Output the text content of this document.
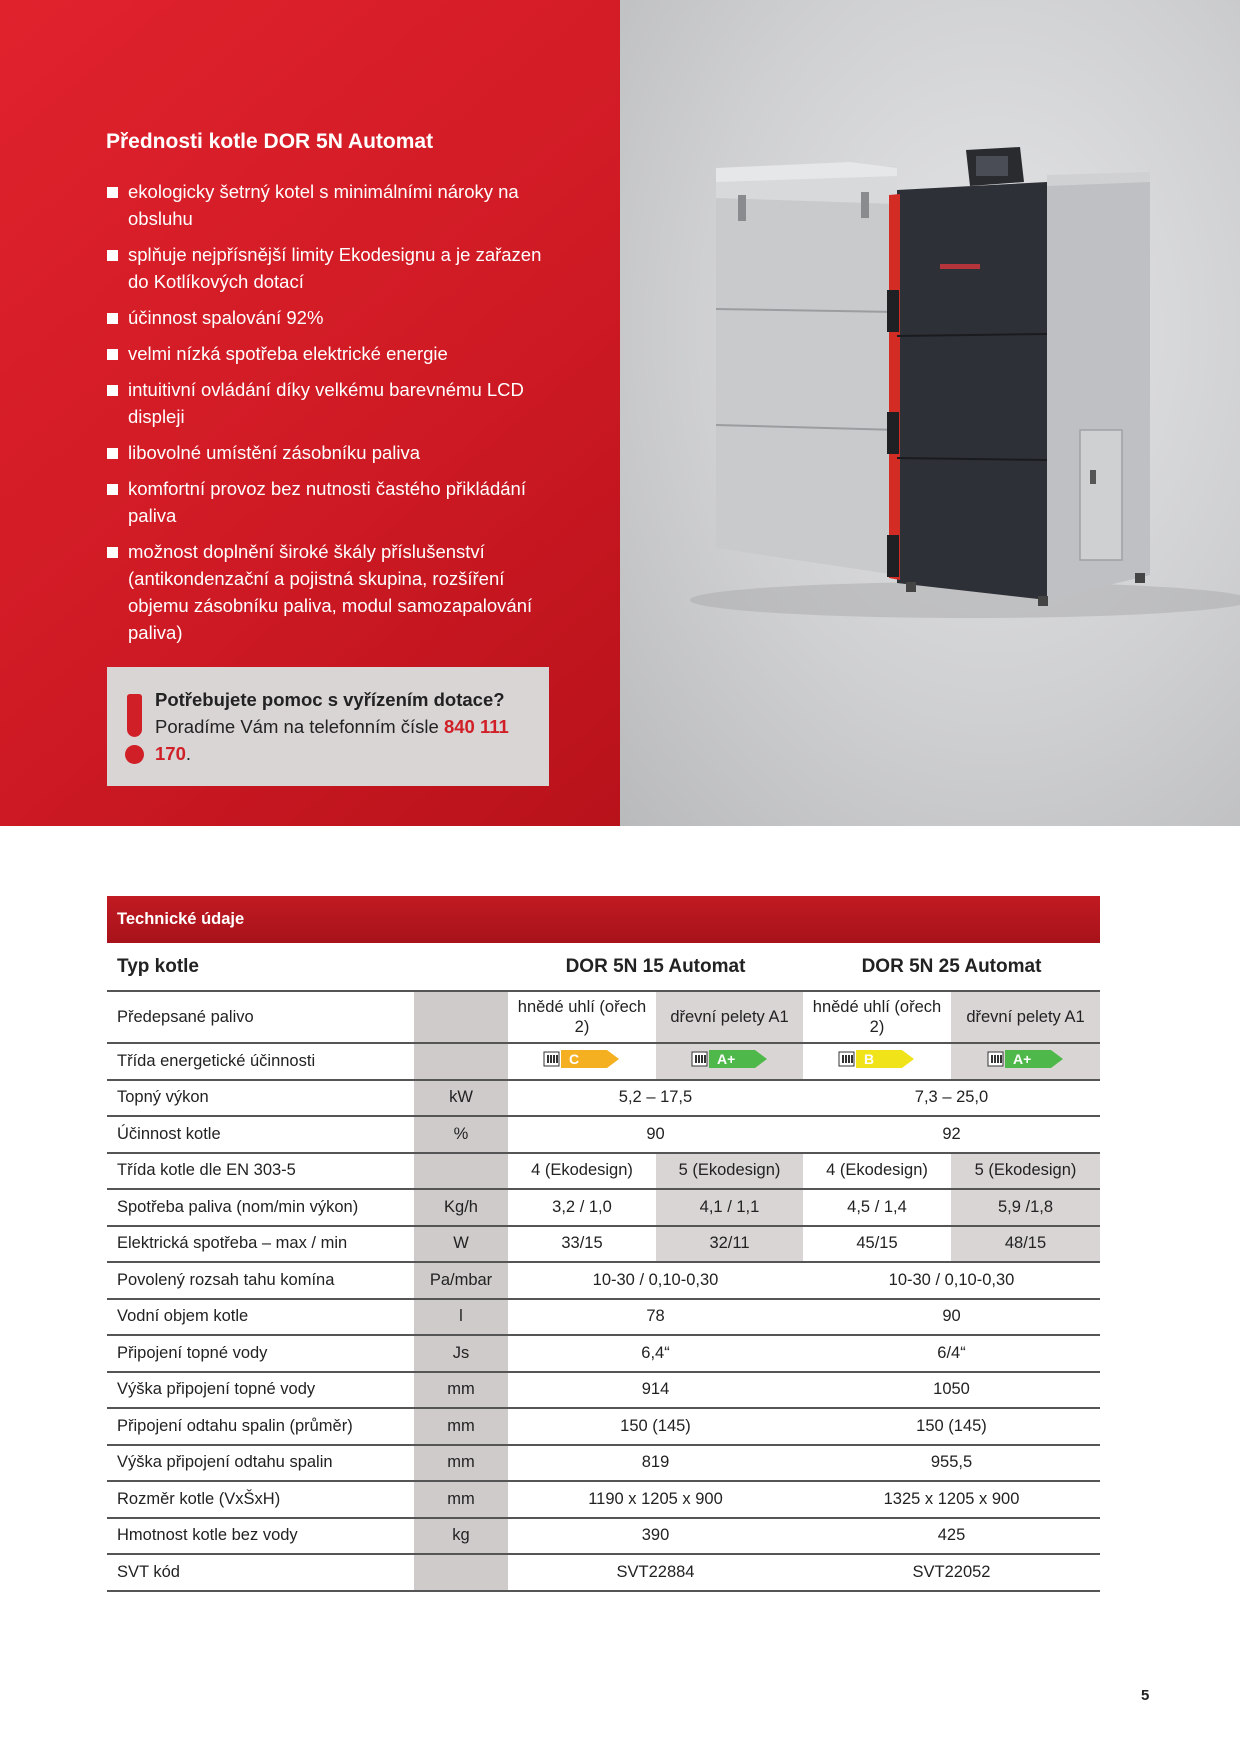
Přednosti kotle DOR 5N Automat
ekologicky šetrný kotel s minimálními nároky na obsluhu
splňuje nejpřísnější limity Ekodesignu a je zařazen do Kotlíkových dotací
účinnost spalování 92%
velmi nízká spotřeba elektrické energie
intuitivní ovládání díky velkému barevnému LCD displeji
libovolné umístění zásobníku paliva
komfortní provoz bez nutnosti častého přikládání paliva
možnost doplnění široké škály příslušenství (antikondenzační a pojistná skupina, rozšíření objemu zásobníku paliva, modul samozapalování paliva)
Potřebujete pomoc s vyřízením dotace?
Poradíme Vám na telefonním čísle 840 111 170.
Technické údaje
Typ kotle		DOR 5N 15 Automat		DOR 5N 25 Automat	
Předepsané palivo		hnědé uhlí (ořech 2)	dřevní pelety A1	hnědé uhlí (ořech 2)	dřevní pelety A1
Třída energetické účinnosti		C	A+	B	A+

Topný výkon	kW	5,2 – 17,5		7,3 – 25,0	
Účinnost kotle	%	90		92	
Třída kotle dle EN 303-5		4 (Ekodesign)	5 (Ekodesign)	4 (Ekodesign)	5 (Ekodesign)
Spotřeba paliva (nom/min výkon)	Kg/h	3,2 / 1,0	4,1 / 1,1	4,5 / 1,4	5,9 /1,8
Elektrická spotřeba – max / min	W	33/15	32/11	45/15	48/15
Povolený rozsah tahu komína	Pa/mbar	10-30 / 0,10-0,30		10-30 / 0,10-0,30	
Vodní objem kotle	l	78		90	
Připojení topné vody	Js	6,4“		6/4“	
Výška připojení topné vody	mm	914		1050	
Připojení odtahu spalin (průměr)	mm	150 (145)		150 (145)	
Výška připojení odtahu spalin	mm	819		955,5	
Rozměr kotle (VxŠxH)	mm	1190 x 1205 x 900		1325 x 1205 x 900	
Hmotnost kotle bez vody	kg	390		425	
SVT kód		SVT22884		SVT22052	
5
